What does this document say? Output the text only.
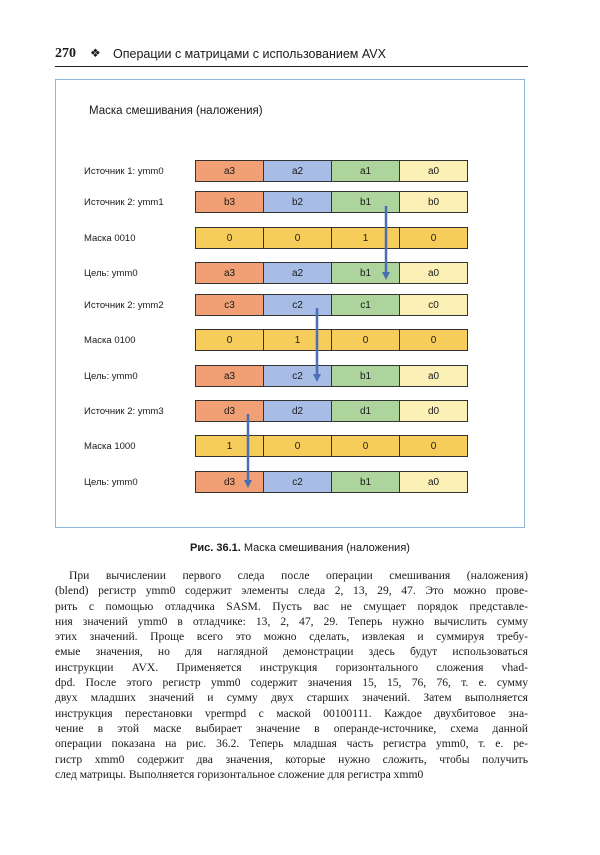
270 ❖ Операции с матрицами с использованием AVX
Маска смешивания (наложения)
Источник 1: ymm0	a3	a2	a1	a0
Источник 2: ymm1	b3	b2	b1	b0
Маска 0010	0	0	1	0
Цель: ymm0	a3	a2	b1	a0
Источник 2: ymm2	c3	c2	c1	c0
Маска 0100	0	1	0	0
Цель: ymm0	a3	c2	b1	a0
Источник 2: ymm3	d3	d2	d1	d0
Маска 1000	1	0	0	0
Цель: ymm0	d3	c2	b1	a0
Рис. 36.1. Маска смешивания (наложения)
При вычислении первого следа после операции смешивания (наложения)
(blend) регистр ymm0 содержит элементы следа 2, 13, 29, 47. Это можно прове-
рить с помощью отладчика SASM. Пусть вас не смущает порядок представле-
ния значений ymm0 в отладчике: 13, 2, 47, 29. Теперь нужно вычислить сумму
этих значений. Проще всего это можно сделать, извлекая и суммируя требу-
емые значения, но для наглядной демонстрации здесь будут использоваться
инструкции AVX. Применяется инструкция горизонтального сложения vhad-
dpd. После этого регистр ymm0 содержит значения 15, 15, 76, 76, т. е. сумму
двух младших значений и сумму двух старших значений. Затем выполняется
инструкция перестановки vpermpd с маской 00100111. Каждое двухбитовое зна-
чение в этой маске выбирает значение в операнде-источнике, схема данной
операции показана на рис. 36.2. Теперь младшая часть регистра ymm0, т. е. ре-
гистр xmm0 содержит два значения, которые нужно сложить, чтобы получить
след матрицы. Выполняется горизонтальное сложение для регистра xmm0
